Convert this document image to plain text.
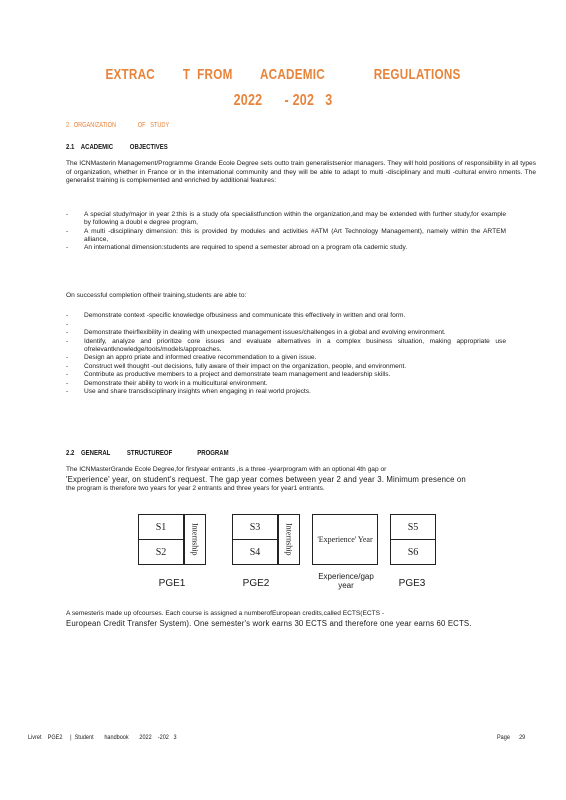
EXTRAC        T  FROM        ACADEMIC              REGULATIONS
2022      - 202   3
2.  ORGANIZATION              OF   STUDY
2.1    ACADEMIC          OBJECTIVES
The ICNMasterin Management/Programme Grande Ecole Degree sets outto train generalistsenior managers. They will hold positions of responsibility in all types of organization, whether in France or in the international community and they will be able to adapt to multi -disciplinary and multi -cultural enviro nments. The generalist training is complemented and enriched by additional features:
- A special study/major in year 2:this is a study ofa specialistfunction within the organization,and may be extended with further study,for example by following a doubl e degree program,
- A multi -disciplinary dimension: this is provided by modules and activities #ATM (Art Technology Management), namely within the ARTEM alliance,
- An international dimension:students are required to spend a semester abroad on a program ofa cademic study.
On successful completion oftheir training,students are able to:
- Demonstrate context -specific knowledge ofbusiness and communicate this effectively in written and oral form.
-
- Demonstrate theirflexibility in dealing with unexpected management issues/challenges in a global and evolving environment.
- Identify, analyze and prioritize core issues and evaluate alternatives in a complex business situation, making appropriate use ofrelevantknowledge/tools/models/approaches.
- Design an appro priate and informed creative recommendation to a given issue.
- Construct well thought -out decisions, fully aware of their impact on the organization, people, and environment.
- Contribute as productive members to a project and demonstrate team management and leadership skills.
- Demonstrate their ability to work in a multicultural environment.
- Use and share transdisciplinary insights when engaging in real world projects.
2.2    GENERAL          STRUCTUREOF               PROGRAM
The ICNMasterGrande Ecole Degree,for firstyear entrants ,is a three -yearprogram with an optional 4th gap or
'Experience' year, on student's request. The gap year comes between year 2 and year 3. Minimum presence on
the program is therefore two years for year 2 entrants and three years for year1 entrants.
S1
S2	Internship	S3
S4	Internship	'Experience' Year
S5
S6
PGE1	PGE2
Experience/gap year	PGE3
A semesteris made up ofcourses. Each course is assigned a numberofEuropean credits,called ECTS(ECTS -
European Credit Transfer System). One semester's work earns 30 ECTS and therefore one year earns 60 ECTS.
Livret    PGE2     |  Student       handbook       2022    -202   3	Page      29
